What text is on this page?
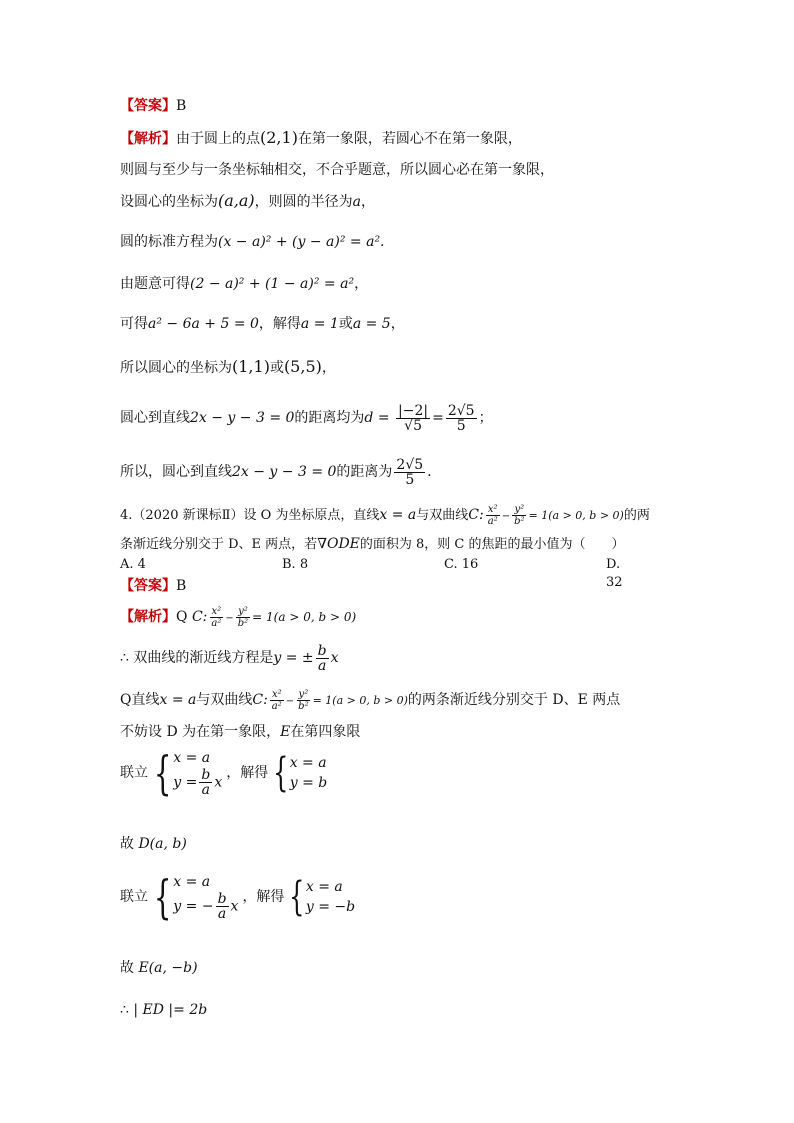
【答案】B
【解析】由于圆上的点(2,1)在第一象限，若圆心不在第一象限，
则圆与至少与一条坐标轴相交，不合乎题意，所以圆心必在第一象限，
设圆心的坐标为(a,a)，则圆的半径为a，
圆的标准方程为(x − a)² + (y − a)² = a².
由题意可得(2 − a)² + (1 − a)² = a²，
可得a² − 6a + 5 = 0，解得a = 1或a = 5，
所以圆心的坐标为(1,1)或(5,5)，
圆心到直线2x − y − 3 = 0的距离均为$d = \frac{|-2|}{√5} = \frac{2√5}{5}$ ；
所以，圆心到直线2x − y − 3 = 0的距离为 $\frac{2√5}{5}$ .
4.（2020 新课标Ⅱ）设 O 为坐标原点，直线x = a与双曲线C: $\frac{\text{x²}}{\text{a²}} - \frac{\text{y²}}{\text{b²}} = 1(a > 0$, b > 0)的两
条渐近线分别交于 D、E 两点，若∇ODE的面积为 8，则 C 的焦距的最小值为（　　）
A. 4	B. 8	C. 16	D. 32
【答案】B
【解析】Q C: $\frac{\text{x²}}{\text{a²}} - \frac{\text{y²}}{\text{b²}} = 1(a > 0$, b > 0)
∴ 双曲线的渐近线方程是y = ± $\frac{b}{a}$ x
Q直线x = a与双曲线C: $\frac{\text{x²}}{\text{a²}} - \frac{\text{y²}}{\text{b²}} = 1(a > 0$, b > 0)的两条渐近线分别交于 D、E 两点
不妨设 D 为在第一象限，E在第四象限
联立 { x = a
$y = \frac{b}{a}$ x
，解得 { x = a
y = b
故 D(a, b)
联立 { x = a
y = − $\frac{b}{a}$ x
，解得 { x = a
y = −b
故 E(a, −b)
∴ | ED |= 2b
